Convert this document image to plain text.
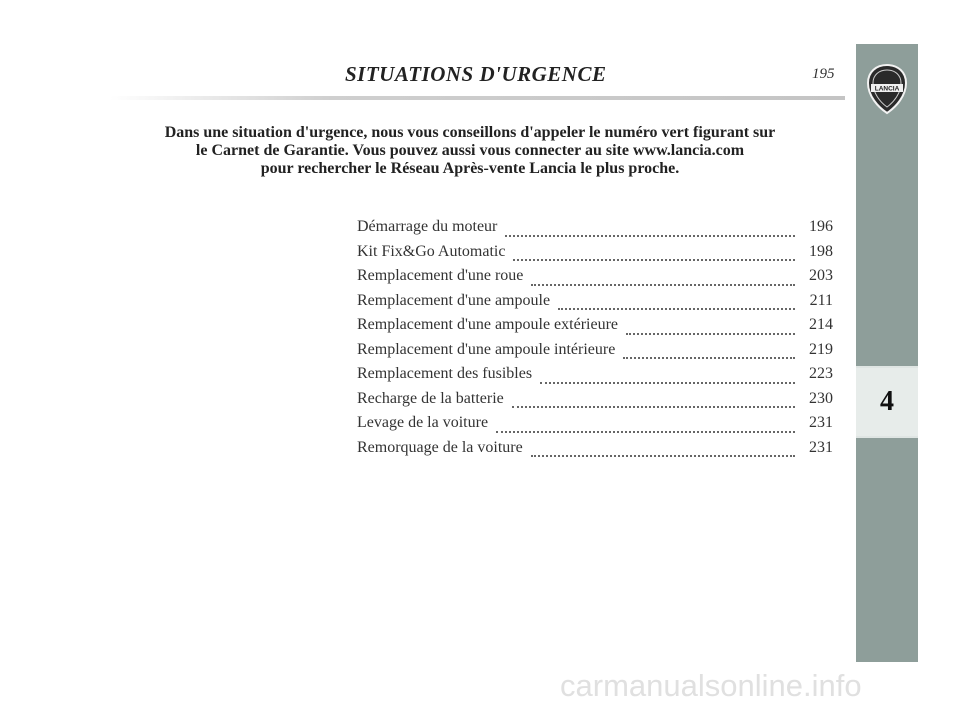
SITUATIONS D'URGENCE	195
Dans une situation d'urgence, nous vous conseillons d'appeler le numéro vert figurant sur
le Carnet de Garantie. Vous pouvez aussi vous connecter au site www.lancia.com
pour rechercher le Réseau Après-vente Lancia le plus proche.
Démarrage du moteur	196
Kit Fix&Go Automatic	198
Remplacement d'une roue	203
Remplacement d'une ampoule	211
Remplacement d'une ampoule extérieure	214
Remplacement d'une ampoule intérieure	219
Remplacement des fusibles	223
Recharge de la batterie	230
Levage de la voiture	231
Remorquage de la voiture	231
LANCIA
4
carmanualsonline.info
